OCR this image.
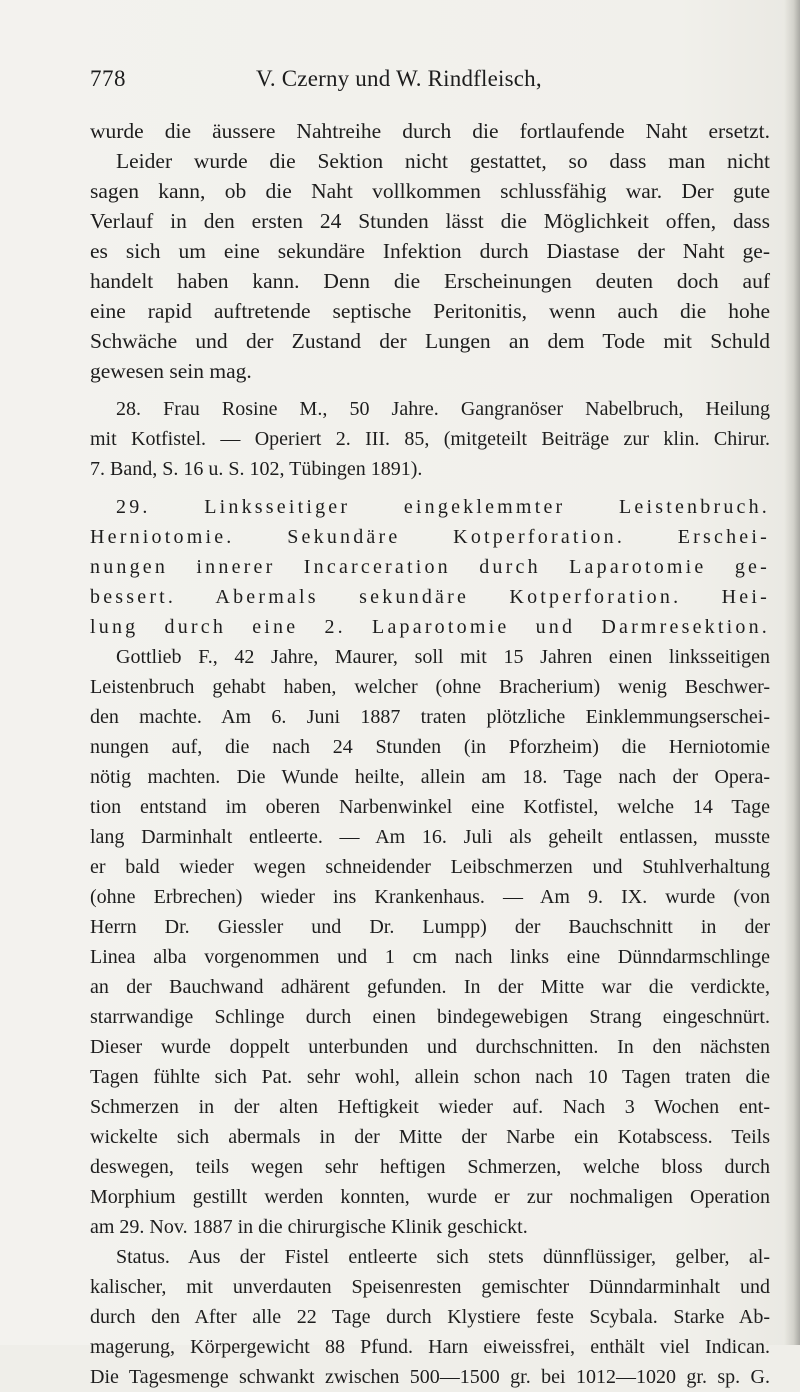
778	V. Czerny und W. Rindfleisch,
wurde die äussere Nahtreihe durch die fortlaufende Naht ersetzt.
Leider wurde die Sektion nicht gestattet, so dass man nicht
sagen kann, ob die Naht vollkommen schlussfähig war. Der gute
Verlauf in den ersten 24 Stunden lässt die Möglichkeit offen, dass
es sich um eine sekundäre Infektion durch Diastase der Naht ge-
handelt haben kann. Denn die Erscheinungen deuten doch auf
eine rapid auftretende septische Peritonitis, wenn auch die hohe
Schwäche und der Zustand der Lungen an dem Tode mit Schuld
gewesen sein mag.
28. Frau Rosine M., 50 Jahre. Gangranöser Nabelbruch, Heilung
mit Kotfistel. — Operiert 2. III. 85, (mitgeteilt Beiträge zur klin. Chirur.
7. Band, S. 16 u. S. 102, Tübingen 1891).
29. Linksseitiger eingeklemmter Leistenbruch.
Herniotomie. Sekundäre Kotperforation. Erschei-
nungen innerer Incarceration durch Laparotomie ge-
bessert. Abermals sekundäre Kotperforation. Hei-
lung durch eine 2. Laparotomie und Darmresektion.
Gottlieb F., 42 Jahre, Maurer, soll mit 15 Jahren einen linksseitigen
Leistenbruch gehabt haben, welcher (ohne Bracherium) wenig Beschwer-
den machte. Am 6. Juni 1887 traten plötzliche Einklemmungserschei-
nungen auf, die nach 24 Stunden (in Pforzheim) die Herniotomie
nötig machten. Die Wunde heilte, allein am 18. Tage nach der Opera-
tion entstand im oberen Narbenwinkel eine Kotfistel, welche 14 Tage
lang Darminhalt entleerte. — Am 16. Juli als geheilt entlassen, musste
er bald wieder wegen schneidender Leibschmerzen und Stuhlverhaltung
(ohne Erbrechen) wieder ins Krankenhaus. — Am 9. IX. wurde (von
Herrn Dr. Giessler und Dr. Lumpp) der Bauchschnitt in der
Linea alba vorgenommen und 1 cm nach links eine Dünndarmschlinge
an der Bauchwand adhärent gefunden. In der Mitte war die verdickte,
starrwandige Schlinge durch einen bindegewebigen Strang eingeschnürt.
Dieser wurde doppelt unterbunden und durchschnitten. In den nächsten
Tagen fühlte sich Pat. sehr wohl, allein schon nach 10 Tagen traten die
Schmerzen in der alten Heftigkeit wieder auf. Nach 3 Wochen ent-
wickelte sich abermals in der Mitte der Narbe ein Kotabscess. Teils
deswegen, teils wegen sehr heftigen Schmerzen, welche bloss durch
Morphium gestillt werden konnten, wurde er zur nochmaligen Operation
am 29. Nov. 1887 in die chirurgische Klinik geschickt.
Status. Aus der Fistel entleerte sich stets dünnflüssiger, gelber, al-
kalischer, mit unverdauten Speisenresten gemischter Dünndarminhalt und
durch den After alle 22 Tage durch Klystiere feste Scybala. Starke Ab-
magerung, Körpergewicht 88 Pfund. Harn eiweissfrei, enthält viel Indican.
Die Tagesmenge schwankt zwischen 500—1500 gr. bei 1012—1020 gr. sp. G.
